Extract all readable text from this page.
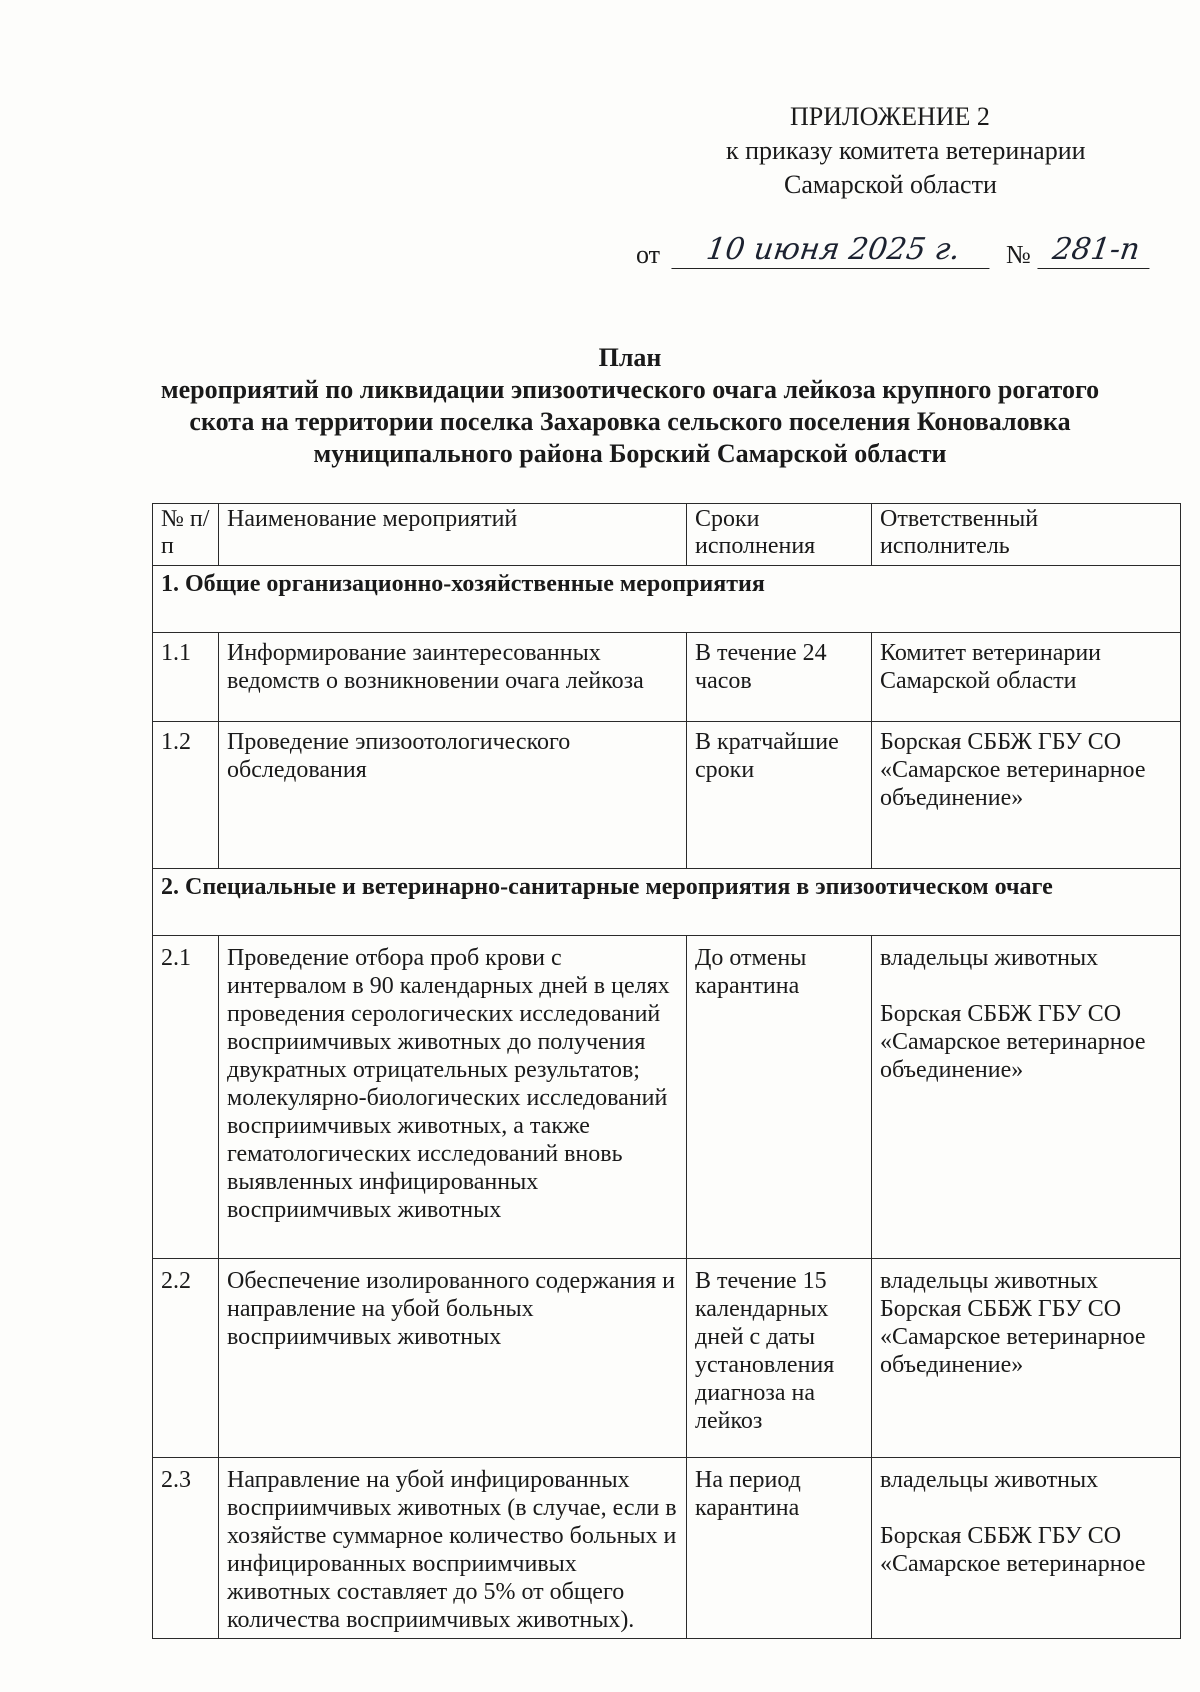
ПРИЛОЖЕНИЕ 2
к приказу комитета ветеринарии
Самарской области
от	10 июня 2025 г.	№ 281-п
План
мероприятий по ликвидации эпизоотического очага лейкоза крупного рогатого скота на территории поселка Захаровка сельского поселения Коноваловка муниципального района Борский Самарской области
№ п/п	Наименование мероприятий	Сроки исполнения	Ответственный исполнитель
1. Общие организационно-хозяйственные мероприятия			
1.1	Информирование заинтересованных ведомств о возникновении очага лейкоза	В течение 24 часов	Комитет ветеринарии Самарской области
1.2	Проведение эпизоотологического обследования	В кратчайшие сроки	Борская СББЖ ГБУ СО «Самарское ветеринарное объединение»
2. Специальные и ветеринарно-санитарные мероприятия в эпизоотическом очаге			
2.1	Проведение отбора проб крови с интервалом в 90 календарных дней в целях проведения серологических исследований восприимчивых животных до получения двукратных отрицательных результатов; молекулярно-биологических исследований восприимчивых животных, а также гематологических исследований вновь выявленных инфицированных восприимчивых животных	До отмены карантина	владельцы животных
Борская СББЖ ГБУ СО «Самарское ветеринарное объединение»
2.2	Обеспечение изолированного содержания и направление на убой больных восприимчивых животных	В течение 15 календарных дней с даты установления диагноза на лейкоз	владельцы животных
Борская СББЖ ГБУ СО «Самарское ветеринарное объединение»
2.3	Направление на убой инфицированных восприимчивых животных (в случае, если в хозяйстве суммарное количество больных и инфицированных восприимчивых животных составляет до 5% от общего количества восприимчивых животных).	На период карантина	владельцы животных
Борская СББЖ ГБУ СО «Самарское ветеринарное
